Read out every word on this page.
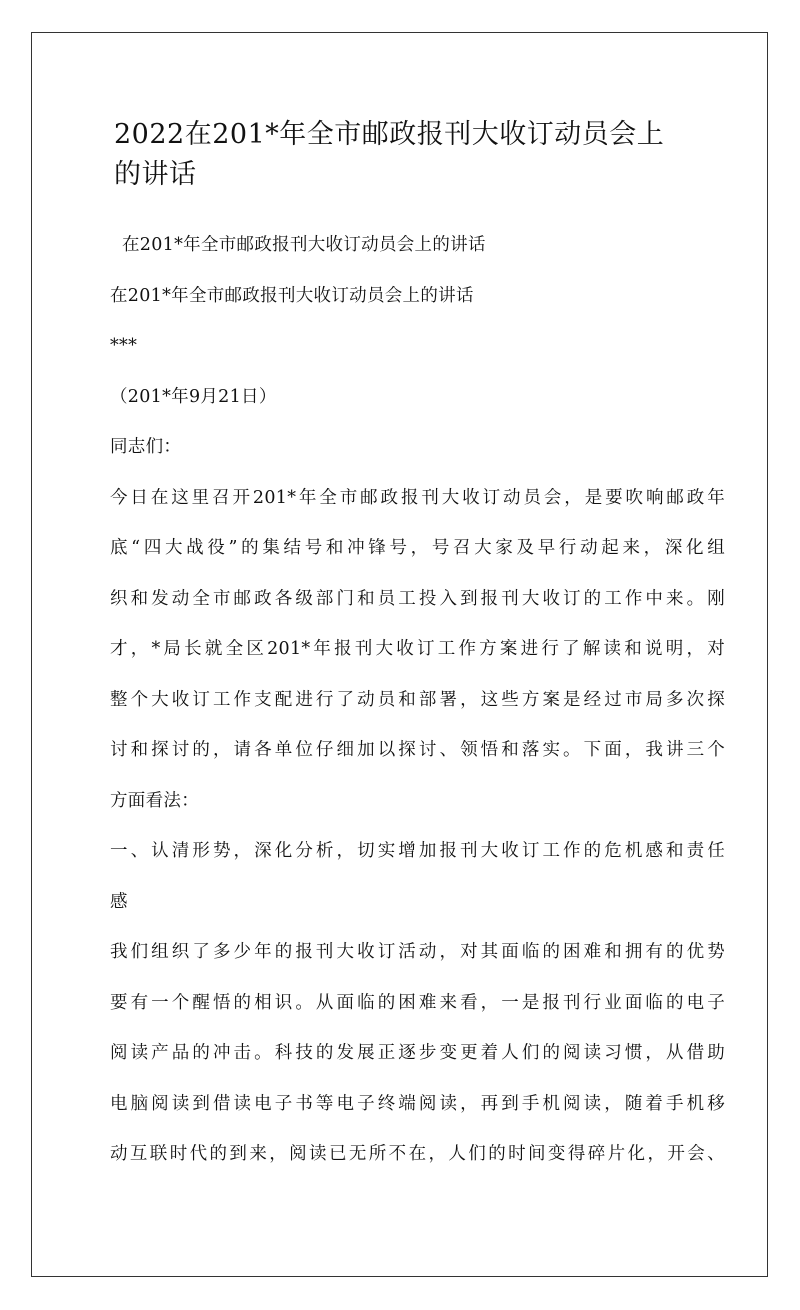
2022在201*年全市邮政报刊大收订动员会上
的讲话

在201*年全市邮政报刊大收订动员会上的讲话

在201*年全市邮政报刊大收订动员会上的讲话

***

（201*年9月21日）

同志们：

今日在这里召开201*年全市邮政报刊大收订动员会，是要吹响邮政年

底“四大战役”的集结号和冲锋号，号召大家及早行动起来，深化组

织和发动全市邮政各级部门和员工投入到报刊大收订的工作中来。刚

才，*局长就全区201*年报刊大收订工作方案进行了解读和说明，对

整个大收订工作支配进行了动员和部署，这些方案是经过市局多次探

讨和探讨的，请各单位仔细加以探讨、领悟和落实。下面，我讲三个

方面看法：

一、认清形势，深化分析，切实增加报刊大收订工作的危机感和责任

感

我们组织了多少年的报刊大收订活动，对其面临的困难和拥有的优势

要有一个醒悟的相识。从面临的困难来看，一是报刊行业面临的电子

阅读产品的冲击。科技的发展正逐步变更着人们的阅读习惯，从借助

电脑阅读到借读电子书等电子终端阅读，再到手机阅读，随着手机移

动互联时代的到来，阅读已无所不在，人们的时间变得碎片化，开会、
